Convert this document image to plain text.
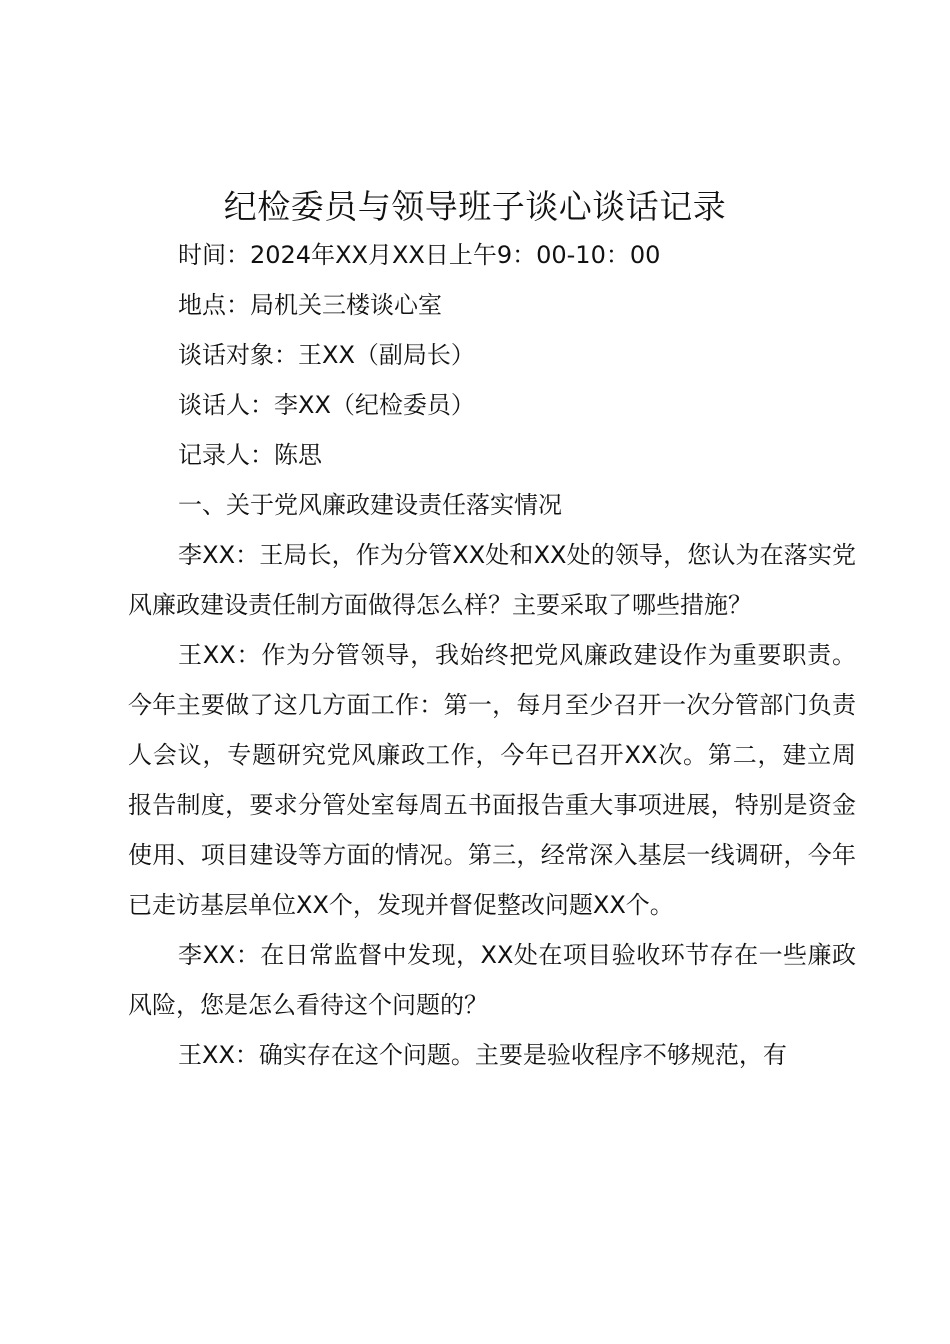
纪检委员与领导班子谈心谈话记录
时间：2024年XX月XX日上午9：00-10：00
地点：局机关三楼谈心室
谈话对象：王XX（副局长）
谈话人：李XX（纪检委员）
记录人：陈思

一、关于党风廉政建设责任落实情况

李XX：王局长，作为分管XX处和XX处的领导，您认为在落实党风廉政建设责任制方面做得怎么样？主要采取了哪些措施？

王XX：作为分管领导，我始终把党风廉政建设作为重要职责。今年主要做了这几方面工作：第一，每月至少召开一次分管部门负责人会议，专题研究党风廉政工作，今年已召开XX次。第二，建立周报告制度，要求分管处室每周五书面报告重大事项进展，特别是资金使用、项目建设等方面的情况。第三，经常深入基层一线调研，今年已走访基层单位XX个，发现并督促整改问题XX个。

李XX：在日常监督中发现，XX处在项目验收环节存在一些廉政风险，您是怎么看待这个问题的？

王XX：确实存在这个问题。主要是验收程序不够规范，有
